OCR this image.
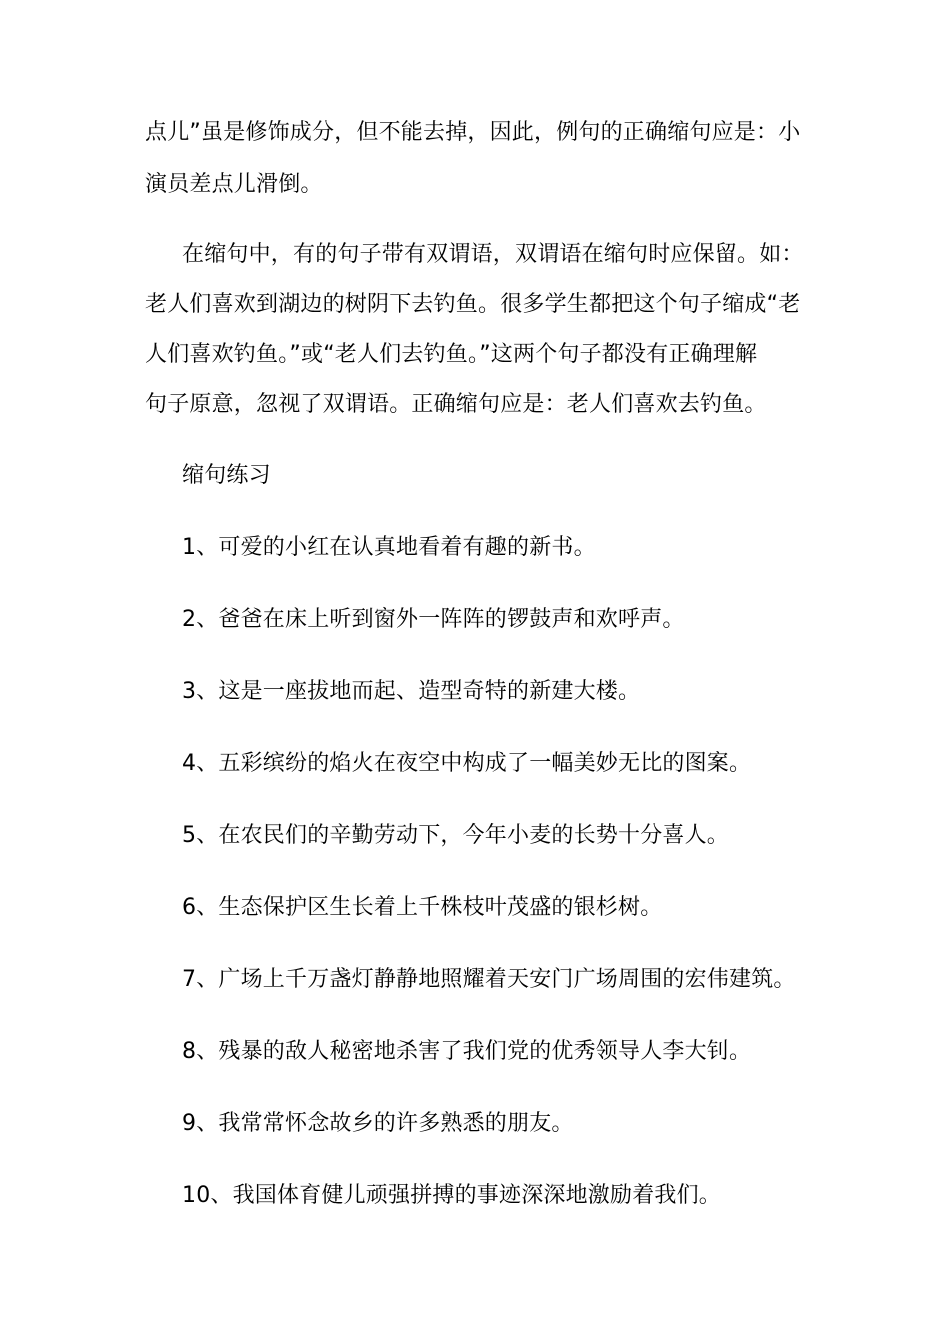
点儿”虽是修饰成分，但不能去掉，因此，例句的正确缩句应是：小
演员差点儿滑倒。
在缩句中，有的句子带有双谓语，双谓语在缩句时应保留。如：
老人们喜欢到湖边的树阴下去钓鱼。很多学生都把这个句子缩成“老
人们喜欢钓鱼。”或“老人们去钓鱼。”这两个句子都没有正确理解
句子原意，忽视了双谓语。正确缩句应是：老人们喜欢去钓鱼。
缩句练习
1、可爱的小红在认真地看着有趣的新书。
2、爸爸在床上听到窗外一阵阵的锣鼓声和欢呼声。
3、这是一座拔地而起、造型奇特的新建大楼。
4、五彩缤纷的焰火在夜空中构成了一幅美妙无比的图案。
5、在农民们的辛勤劳动下，今年小麦的长势十分喜人。
6、生态保护区生长着上千株枝叶茂盛的银杉树。
7、广场上千万盏灯静静地照耀着天安门广场周围的宏伟建筑。
8、残暴的敌人秘密地杀害了我们党的优秀领导人李大钊。
9、我常常怀念故乡的许多熟悉的朋友。
10、我国体育健儿顽强拼搏的事迹深深地激励着我们。
